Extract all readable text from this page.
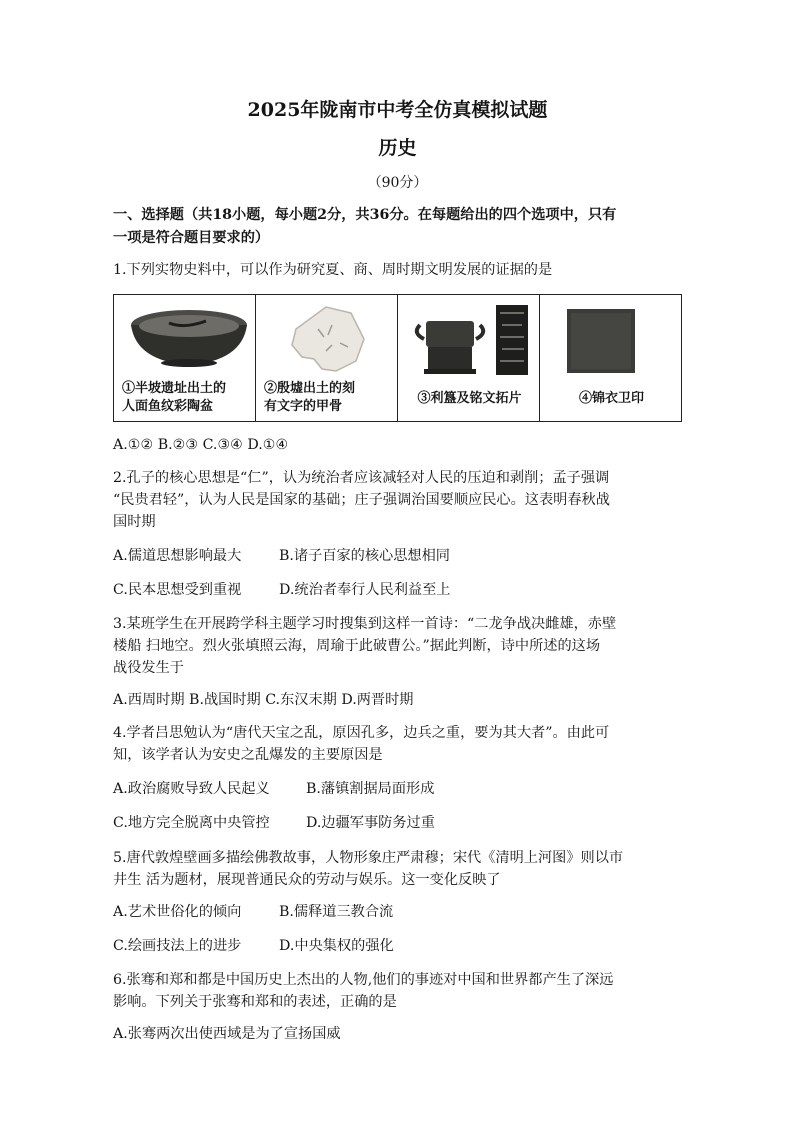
2025年陇南市中考全仿真模拟试题
历史
（90分）
一、选择题（共18小题，每小题2分，共36分。在每题给出的四个选项中，只有
一项是符合题目要求的）
1.下列实物史料中，可以作为研究夏、商、周时期文明发展的证据的是
①半坡遗址出土的
人面鱼纹彩陶盆
②殷墟出土的刻
有文字的甲骨
③利簋及铭文拓片	④锦衣卫印
A.①② B.②③ C.③④ D.①④
2.孔子的核心思想是“仁”，认为统治者应该减轻对人民的压迫和剥削；孟子强调
“民贵君轻”，认为人民是国家的基础；庄子强调治国要顺应民心。这表明春秋战
国时期
A.儒道思想影响最大	B.诸子百家的核心思想相同
C.民本思想受到重视	D.统治者奉行人民利益至上
3.某班学生在开展跨学科主题学习时搜集到这样一首诗：“二龙争战决雌雄，赤壁
楼船 扫地空。烈火张填照云海，周瑜于此破曹公。”据此判断，诗中所述的这场
战役发生于
A.西周时期 B.战国时期 C.东汉末期 D.两晋时期
4.学者吕思勉认为“唐代天宝之乱，原因孔多，边兵之重，要为其大者”。由此可
知，该学者认为安史之乱爆发的主要原因是
A.政治腐败导致人民起义	B.藩镇割据局面形成
C.地方完全脱离中央管控	D.边疆军事防务过重
5.唐代敦煌壁画多描绘佛教故事，人物形象庄严肃穆；宋代《清明上河图》则以市
井生 活为题材，展现普通民众的劳动与娱乐。这一变化反映了
A.艺术世俗化的倾向	B.儒释道三教合流
C.绘画技法上的进步	D.中央集权的强化
6.张骞和郑和都是中国历史上杰出的人物,他们的事迹对中国和世界都产生了深远
影响。下列关于张骞和郑和的表述，正确的是
A.张骞两次出使西域是为了宣扬国威
